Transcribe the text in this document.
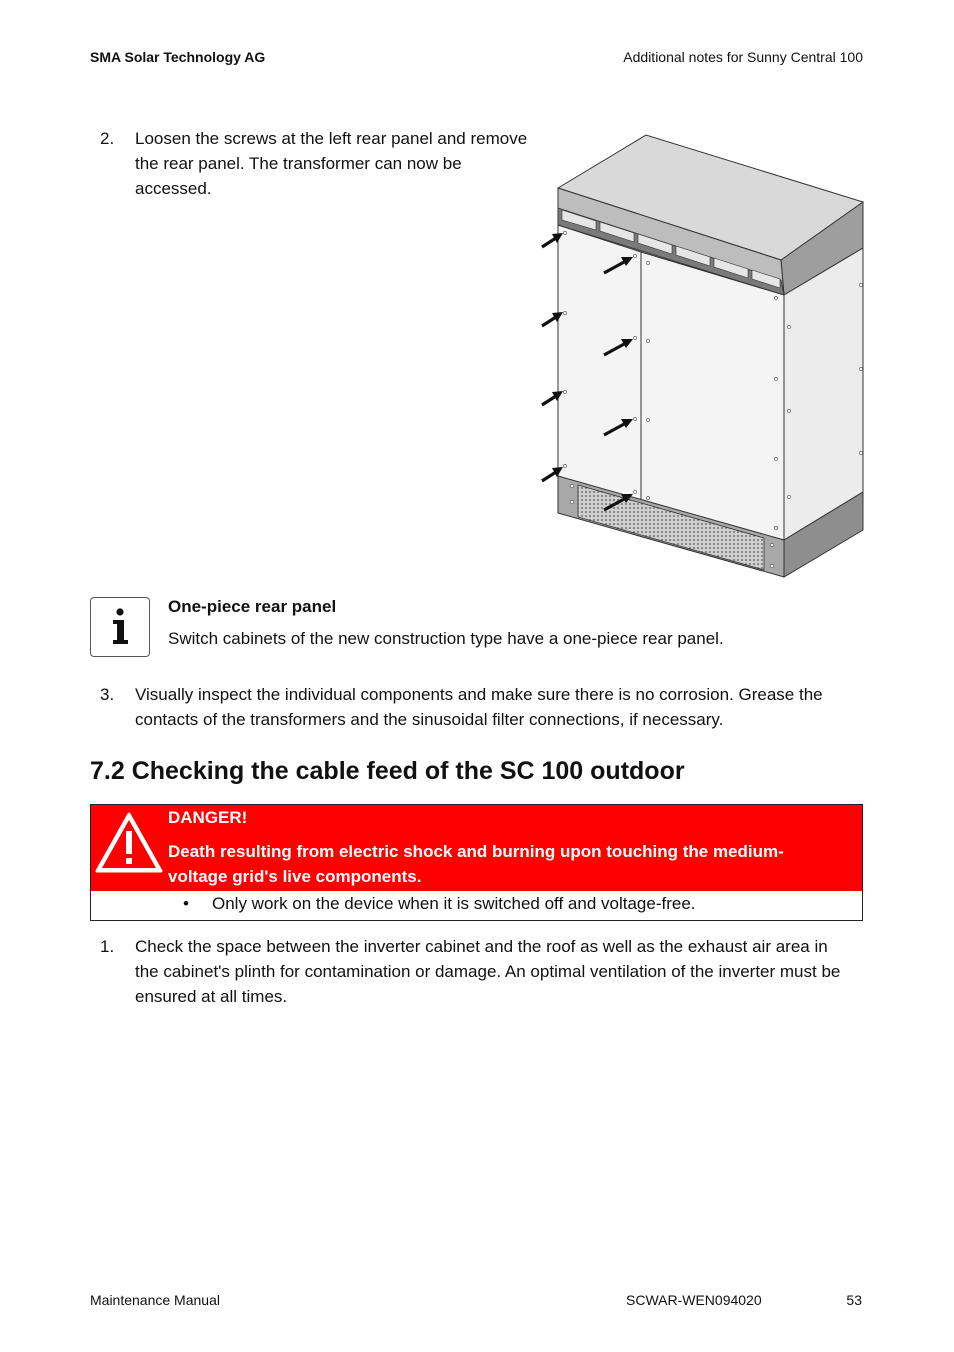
SMA Solar Technology AG	Additional notes for Sunny Central 100
2. Loosen the screws at the left rear panel and remove
the rear panel. The transformer can now be
accessed.
One-piece rear panel
Switch cabinets of the new construction type have a one-piece rear panel.
3. Visually inspect the individual components and make sure there is no corrosion. Grease the
contacts of the transformers and the sinusoidal filter connections, if necessary.
7.2 Checking the cable feed of the SC 100 outdoor
DANGER!
Death resulting from electric shock and burning upon touching the medium-
voltage grid's live components.
• Only work on the device when it is switched off and voltage-free.
1. Check the space between the inverter cabinet and the roof as well as the exhaust air area in
the cabinet's plinth for contamination or damage. An optimal ventilation of the inverter must be
ensured at all times.
Maintenance Manual	SCWAR-WEN094020	53
